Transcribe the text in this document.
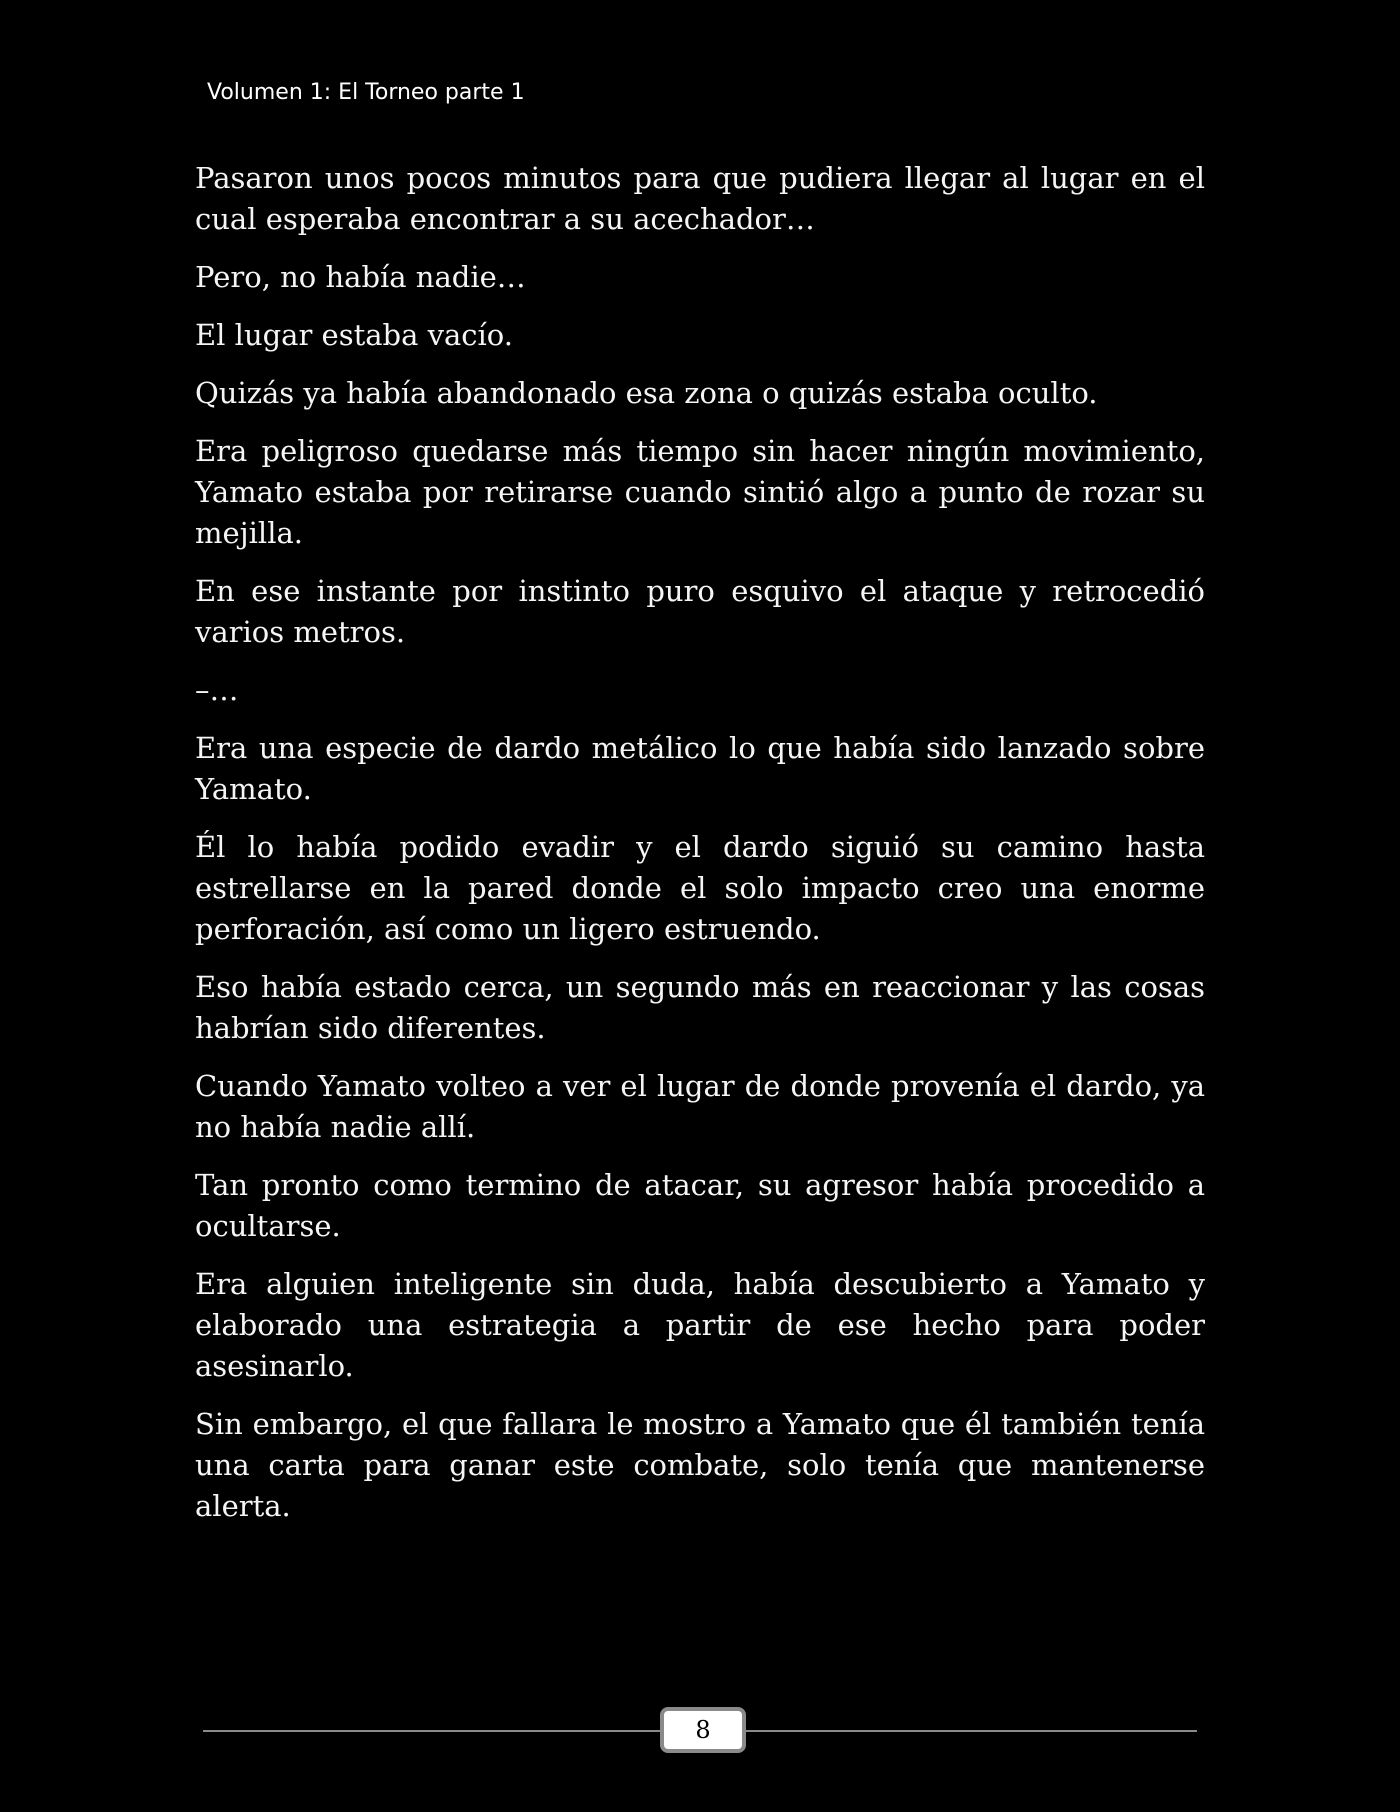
Volumen 1: El Torneo parte 1

Pasaron unos pocos minutos para que pudiera llegar al lugar en el cual esperaba encontrar a su acechador…

Pero, no había nadie…

El lugar estaba vacío.

Quizás ya había abandonado esa zona o quizás estaba oculto.

Era peligroso quedarse más tiempo sin hacer ningún movimiento, Yamato estaba por retirarse cuando sintió algo a punto de rozar su mejilla.

En ese instante por instinto puro esquivo el ataque y retrocedió varios metros.

–…

Era una especie de dardo metálico lo que había sido lanzado sobre Yamato.

Él lo había podido evadir y el dardo siguió su camino hasta estrellarse en la pared donde el solo impacto creo una enorme perforación, así como un ligero estruendo.

Eso había estado cerca, un segundo más en reaccionar y las cosas habrían sido diferentes.

Cuando Yamato volteo a ver el lugar de donde provenía el dardo, ya no había nadie allí.

Tan pronto como termino de atacar, su agresor había procedido a ocultarse.

Era alguien inteligente sin duda, había descubierto a Yamato y elaborado una estrategia a partir de ese hecho para poder asesinarlo.

Sin embargo, el que fallara le mostro a Yamato que él también tenía una carta para ganar este combate, solo tenía que mantenerse alerta.

8
